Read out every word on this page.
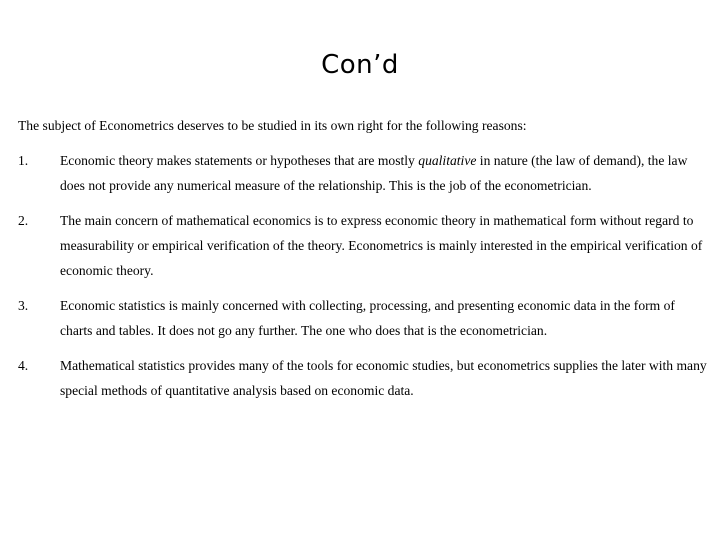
Con’d

The subject of Econometrics deserves to be studied in its own right for the following reasons:

1. Economic theory makes statements or hypotheses that are mostly qualitative in nature (the law of demand), the law does not provide any numerical measure of the relationship. This is the job of the econometrician.
2. The main concern of mathematical economics is to express economic theory in mathematical form without regard to measurability or empirical verification of the theory. Econometrics is mainly interested in the empirical verification of economic theory.
3. Economic statistics is mainly concerned with collecting, processing, and presenting economic data in the form of charts and tables. It does not go any further. The one who does that is the econometrician.
4. Mathematical statistics provides many of the tools for economic studies, but econometrics supplies the later with many special methods of quantitative analysis based on economic data.
